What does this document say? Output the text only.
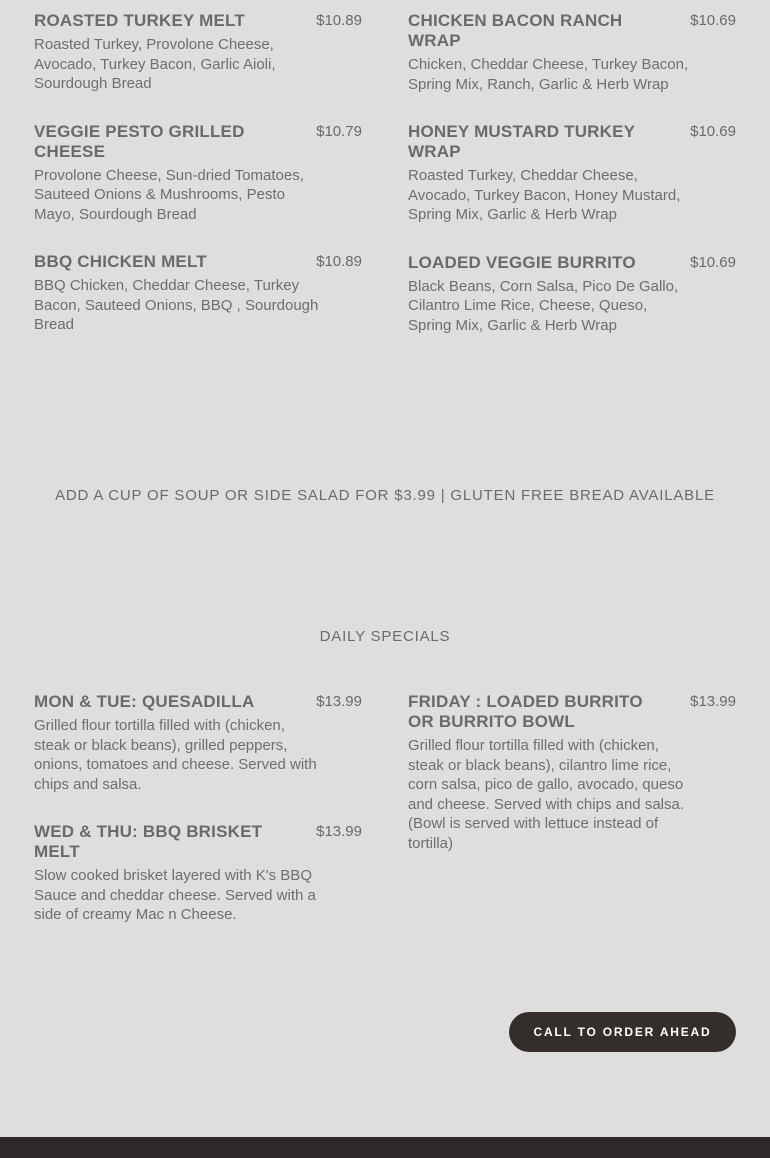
ROASTED TURKEY MELT	$10.89
Roasted Turkey, Provolone Cheese, Avocado, Turkey Bacon, Garlic Aioli, Sourdough Bread
VEGGIE PESTO GRILLED CHEESE
$10.79
Provolone Cheese, Sun-dried Tomatoes, Sauteed Onions & Mushrooms, Pesto Mayo, Sourdough Bread
BBQ CHICKEN MELT	$10.89
BBQ Chicken, Cheddar Cheese, Turkey Bacon, Sauteed Onions, BBQ , Sourdough Bread
CHICKEN BACON RANCH WRAP
$10.69
Chicken, Cheddar Cheese, Turkey Bacon, Spring Mix, Ranch, Garlic & Herb Wrap
HONEY MUSTARD TURKEY WRAP
$10.69
Roasted Turkey, Cheddar Cheese, Avocado, Turkey Bacon, Honey Mustard, Spring Mix, Garlic & Herb Wrap
LOADED VEGGIE BURRITO	$10.69
Black Beans, Corn Salsa, Pico De Gallo, Cilantro Lime Rice, Cheese, Queso, Spring Mix, Garlic & Herb Wrap
ADD A CUP OF SOUP OR SIDE SALAD FOR $3.99 | GLUTEN FREE BREAD AVAILABLE
DAILY SPECIALS
MON & TUE: QUESADILLA	$13.99
Grilled flour tortilla filled with (chicken, steak or black beans), grilled peppers, onions, tomatoes and cheese. Served with chips and salsa.
WED & THU: BBQ BRISKET MELT
$13.99
Slow cooked brisket layered with K's BBQ Sauce and cheddar cheese. Served with a side of creamy Mac n Cheese.
FRIDAY : LOADED BURRITO OR BURRITO BOWL
$13.99
Grilled flour tortilla filled with (chicken, steak or black beans), cilantro lime rice, corn salsa, pico de gallo, avocado, queso and cheese. Served with chips and salsa. (Bowl is served with lettuce instead of tortilla)
CALL TO ORDER AHEAD
